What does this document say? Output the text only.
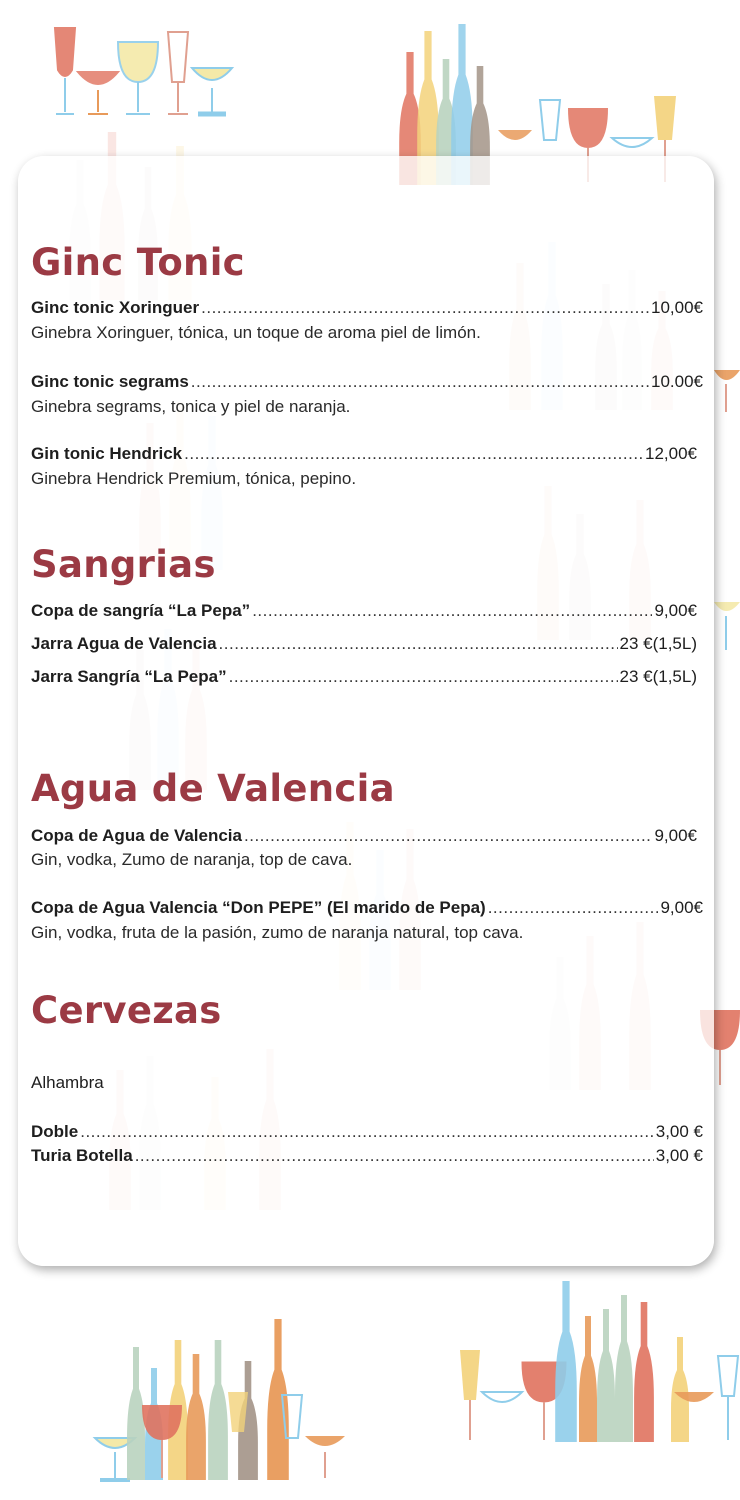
Ginc Tonic
Ginc tonic Xoringuer .....	10,00€
Ginebra Xoringuer, tónica, un toque de aroma piel de limón.
Ginc tonic segrams .....	10.00€
Ginebra segrams, tonica y piel de naranja.
Gin tonic Hendrick .....	12,00€
Ginebra Hendrick Premium, tónica, pepino.
Sangrias
Copa de sangría “La Pepa” .....	9,00€
Jarra Agua de Valencia .....	23 €(1,5L)
Jarra Sangría “La Pepa” .....	23 €(1,5L)
Agua de Valencia
Copa de Agua de Valencia .....	9,00€
Gin, vodka, Zumo de naranja, top de cava.
Copa de Agua Valencia “Don PEPE” (El marido de Pepa) .....	9,00€
Gin, vodka, fruta de la pasión, zumo de naranja natural, top cava.
Cervezas
Alhambra
Doble .....	3,00 €
Turia Botella .....	3,00 €
